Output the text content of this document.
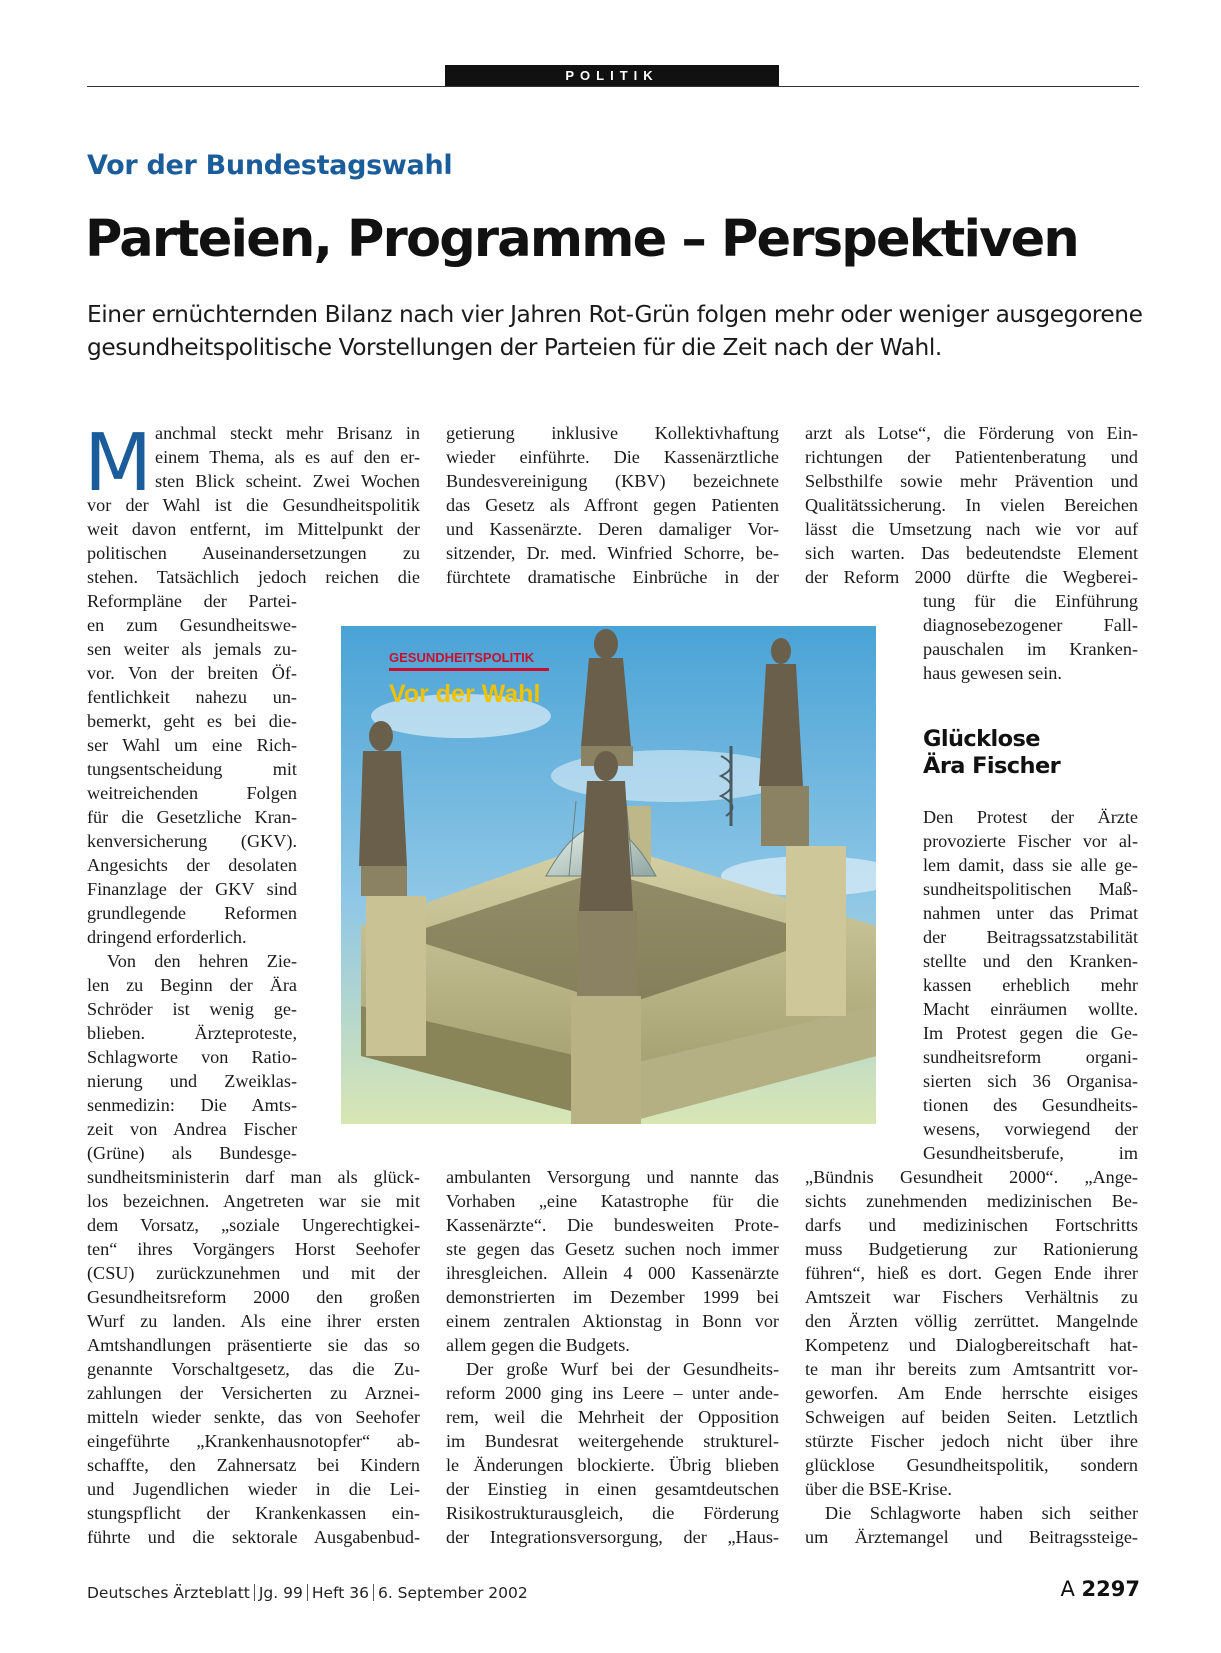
POLITIK
Vor der Bundestagswahl
Parteien, Programme – Perspektiven
Einer ernüchternden Bilanz nach vier Jahren Rot-Grün folgen mehr oder weniger ausgegorene
gesundheitspolitische Vorstellungen der Parteien für die Zeit nach der Wahl.
M anchmal steckt mehr Brisanz in
einem Thema, als es auf den er-
sten Blick scheint. Zwei Wochen
vor der Wahl ist die Gesundheitspolitik
weit davon entfernt, im Mittelpunkt der
politischen Auseinandersetzungen zu
stehen. Tatsächlich jedoch reichen die
Reformpläne der Partei-
en zum Gesundheitswe-
sen weiter als jemals zu-
vor. Von der breiten Öf-
fentlichkeit nahezu un-
bemerkt, geht es bei die-
ser Wahl um eine Rich-
tungsentscheidung mit
weitreichenden Folgen
für die Gesetzliche Kran-
kenversicherung (GKV).
Angesichts der desolaten
Finanzlage der GKV sind
grundlegende Reformen
dringend erforderlich.
Von den hehren Zie-
len zu Beginn der Ära
Schröder ist wenig ge-
blieben. Ärzteproteste,
Schlagworte von Ratio-
nierung und Zweiklas-
senmedizin: Die Amts-
zeit von Andrea Fischer
(Grüne) als Bundesge-
sundheitsministerin darf man als glück-
los bezeichnen. Angetreten war sie mit
dem Vorsatz, „soziale Ungerechtigkei-
ten“ ihres Vorgängers Horst Seehofer
(CSU) zurückzunehmen und mit der
Gesundheitsreform 2000 den großen
Wurf zu landen. Als eine ihrer ersten
Amtshandlungen präsentierte sie das so
genannte Vorschaltgesetz, das die Zu-
zahlungen der Versicherten zu Arznei-
mitteln wieder senkte, das von Seehofer
eingeführte „Krankenhausnotopfer“ ab-
schaffte, den Zahnersatz bei Kindern
und Jugendlichen wieder in die Lei-
stungspflicht der Krankenkassen ein-
führte und die sektorale Ausgabenbud-
getierung inklusive Kollektivhaftung
wieder einführte. Die Kassenärztliche
Bundesvereinigung (KBV) bezeichnete
das Gesetz als Affront gegen Patienten
und Kassenärzte. Deren damaliger Vor-
sitzender, Dr. med. Winfried Schorre, be-
fürchtete dramatische Einbrüche in der
ambulanten Versorgung und nannte das
Vorhaben „eine Katastrophe für die
Kassenärzte“. Die bundesweiten Prote-
ste gegen das Gesetz suchen noch immer
ihresgleichen. Allein 4 000 Kassenärzte
demonstrierten im Dezember 1999 bei
einem zentralen Aktionstag in Bonn vor
allem gegen die Budgets.
Der große Wurf bei der Gesundheits-
reform 2000 ging ins Leere – unter ande-
rem, weil die Mehrheit der Opposition
im Bundesrat weitergehende strukturel-
le Änderungen blockierte. Übrig blieben
der Einstieg in einen gesamtdeutschen
Risikostrukturausgleich, die Förderung
der Integrationsversorgung, der „Haus-
arzt als Lotse“, die Förderung von Ein-
richtungen der Patientenberatung und
Selbsthilfe sowie mehr Prävention und
Qualitätssicherung. In vielen Bereichen
lässt die Umsetzung nach wie vor auf
sich warten. Das bedeutendste Element
der Reform 2000 dürfte die Wegberei-
tung für die Einführung
diagnosebezogener Fall-
pauschalen im Kranken-
haus gewesen sein.
Glücklose
Ära Fischer
Den Protest der Ärzte
provozierte Fischer vor al-
lem damit, dass sie alle ge-
sundheitspolitischen Maß-
nahmen unter das Primat
der Beitragssatzstabilität
stellte und den Kranken-
kassen erheblich mehr
Macht einräumen wollte.
Im Protest gegen die Ge-
sundheitsreform organi-
sierten sich 36 Organisa-
tionen des Gesundheits-
wesens, vorwiegend der
Gesundheitsberufe, im
„Bündnis Gesundheit 2000“. „Ange-
sichts zunehmenden medizinischen Be-
darfs und medizinischen Fortschritts
muss Budgetierung zur Rationierung
führen“, hieß es dort. Gegen Ende ihrer
Amtszeit war Fischers Verhältnis zu
den Ärzten völlig zerrüttet. Mangelnde
Kompetenz und Dialogbereitschaft hat-
te man ihr bereits zum Amtsantritt vor-
geworfen. Am Ende herrschte eisiges
Schweigen auf beiden Seiten. Letztlich
stürzte Fischer jedoch nicht über ihre
glücklose Gesundheitspolitik, sondern
über die BSE-Krise.
Die Schlagworte haben sich seither
um Ärztemangel und Beitragssteige-
GESUNDHEITSPOLITIK
Vor der Wahl
Deutsches Ärzteblatt Jg. 99 Heft 36 6. September 2002	A 2297
